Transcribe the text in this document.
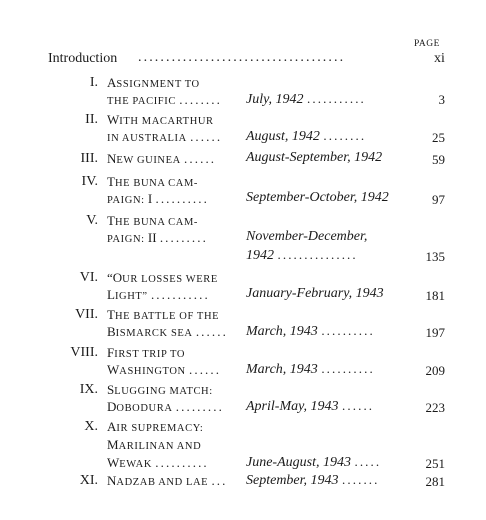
PAGE
Introduction .....................................	xi
I. ASSIGNMENT TO
THE PACIFIC ........ July, 1942 ...........	3
II. WITH MACARTHUR
IN AUSTRALIA ...... August, 1942 ........	25
III. NEW GUINEA ...... August-September, 1942	59
IV. THE BUNA CAM-
PAIGN: I ..........	September-October, 1942	97
V. THE BUNA CAM-
PAIGN: II .........	November-December,
1942 ...............	135
VI. “OUR LOSSES WERE
LIGHT” ...........	January-February, 1943	181
VII. THE BATTLE OF THE
BISMARCK SEA ...... March, 1943 ..........	197
VIII. FIRST TRIP TO
WASHINGTON ...... March, 1943 ..........	209
IX. SLUGGING MATCH:
DOBODURA ......... April-May, 1943 ......	223
X. AIR SUPREMACY:
MARILINAN AND
WEWAK ..........	June-August, 1943 .....	251
XI. NADZAB AND LAE ... September, 1943 .......	281
